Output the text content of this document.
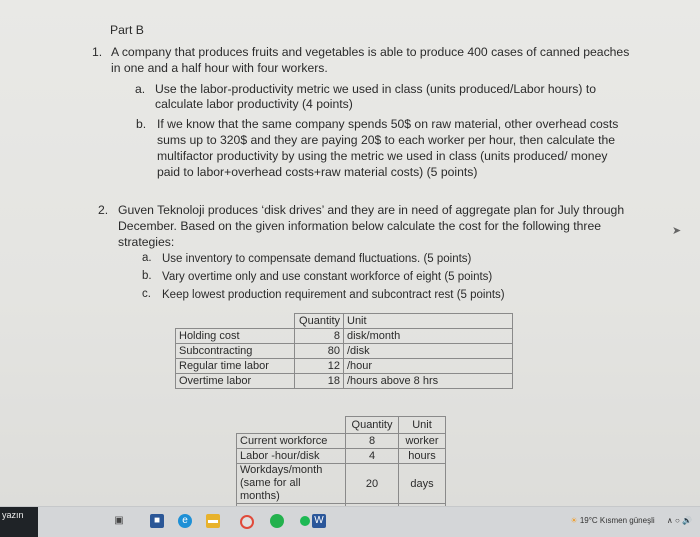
Part B
1. A company that produces fruits and vegetables is able to produce 400 cases of canned peaches
in one and a half hour with four workers.
a. Use the labor-productivity metric we used in class (units produced/Labor hours) to
calculate labor productivity (4 points)
b. If we know that the same company spends 50$ on raw material, other overhead costs
sums up to 320$ and they are paying 20$ to each worker per hour, then calculate the
multifactor productivity by using the metric we used in class (units produced/ money
paid to labor+overhead costs+raw material costs) (5 points)
2. Guven Teknoloji produces ‘disk drives’ and they are in need of aggregate plan for July through
December. Based on the given information below calculate the cost for the following three
strategies:
a. Use inventory to compensate demand fluctuations. (5 points)
b. Vary overtime only and use constant workforce of eight (5 points)
c. Keep lowest production requirement and subcontract rest (5 points)
	Quantity	Unit
Holding cost	8	disk/month
Subcontracting	80	/disk
Regular time labor	12	/hour
Overtime labor	18	/hours above 8 hrs
	Quantity	Unit
Current workforce	8	worker
Labor -hour/disk	4	hours
Workdays/month
(same for all months)	20	days

➤
yazın	▣	■	e	▬	W	☀ 19°C Kısmen güneşli ∧ ○ 🔊
